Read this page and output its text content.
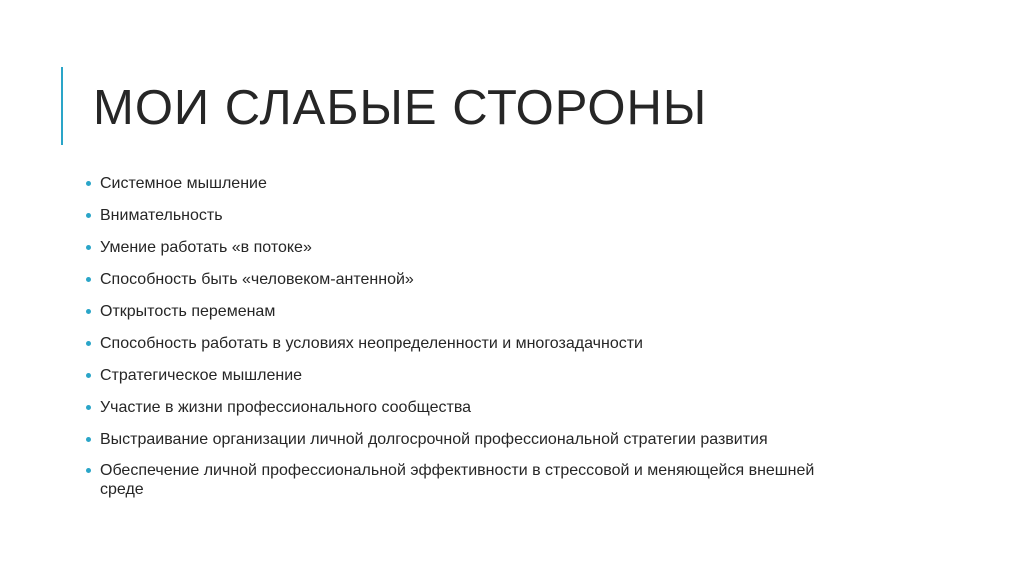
МОИ СЛАБЫЕ СТОРОНЫ
Системное мышление
Внимательность
Умение работать «в потоке»
Способность быть «человеком-антенной»
Открытость переменам
Способность работать в условиях неопределенности и многозадачности
Стратегическое мышление
Участие в жизни профессионального сообщества
Выстраивание организации личной долгосрочной профессиональной стратегии развития
Обеспечение личной профессиональной эффективности в стрессовой и меняющейся внешней среде
